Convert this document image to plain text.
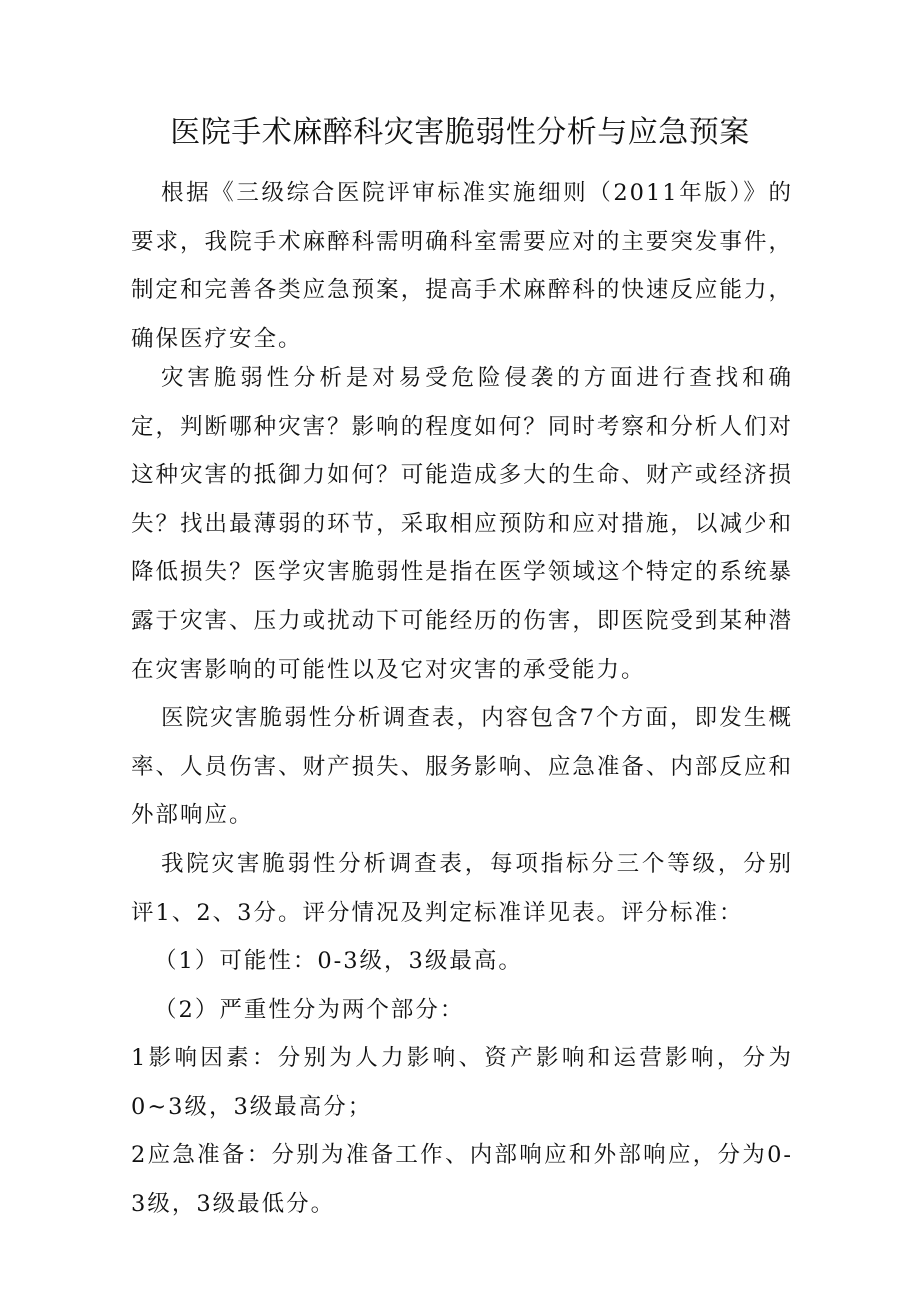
医院手术麻醉科灾害脆弱性分析与应急预案

根据《三级综合医院评审标准实施细则（2011年版）》的要求，我院手术麻醉科需明确科室需要应对的主要突发事件，制定和完善各类应急预案，提高手术麻醉科的快速反应能力，确保医疗安全。

灾害脆弱性分析是对易受危险侵袭的方面进行查找和确定，判断哪种灾害？影响的程度如何？同时考察和分析人们对这种灾害的抵御力如何？可能造成多大的生命、财产或经济损失？找出最薄弱的环节，采取相应预防和应对措施，以减少和降低损失？医学灾害脆弱性是指在医学领域这个特定的系统暴露于灾害、压力或扰动下可能经历的伤害，即医院受到某种潜在灾害影响的可能性以及它对灾害的承受能力。

医院灾害脆弱性分析调查表，内容包含7个方面，即发生概率、人员伤害、财产损失、服务影响、应急准备、内部反应和外部响应。

我院灾害脆弱性分析调查表，每项指标分三个等级，分别评1、2、3分。评分情况及判定标准详见表。评分标准：

（1）可能性：0-3级，3级最高。

（2）严重性分为两个部分：

1影响因素：分别为人力影响、资产影响和运营影响，分为0~3级，3级最高分；

2应急准备：分别为准备工作、内部响应和外部响应，分为0-3级，3级最低分。
